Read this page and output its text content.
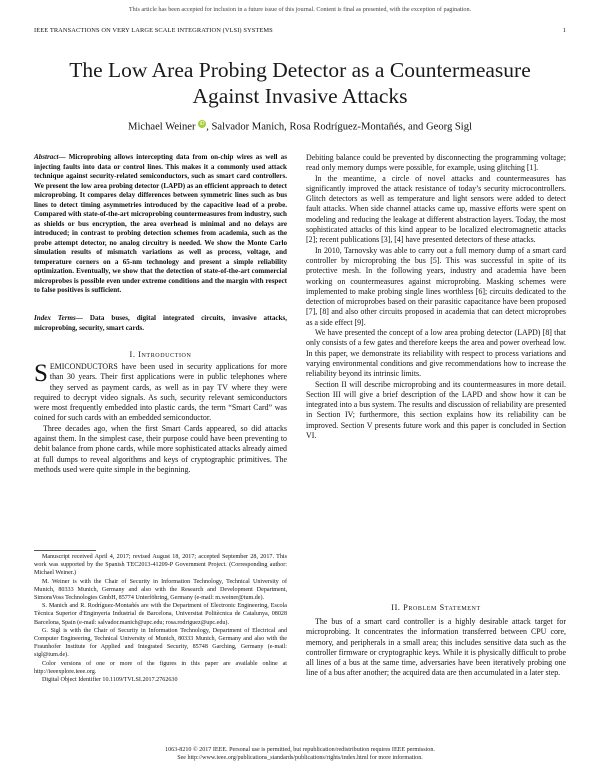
This article has been accepted for inclusion in a future issue of this journal. Content is final as presented, with the exception of pagination.
IEEE TRANSACTIONS ON VERY LARGE SCALE INTEGRATION (VLSI) SYSTEMS	1
The Low Area Probing Detector as a Countermeasure Against Invasive Attacks
Michael Weiner iD , Salvador Manich, Rosa Rodríguez-Montañés, and Georg Sigl
Abstract— Microprobing allows intercepting data from on-chip wires as well as injecting faults into data or control lines. This makes it a commonly used attack technique against security-related semiconductors, such as smart card controllers. We present the low area probing detector (LAPD) as an efficient approach to detect microprobing. It compares delay differences between symmetric lines such as bus lines to detect timing asymmetries introduced by the capacitive load of a probe. Compared with state-of-the-art microprobing countermeasures from industry, such as shields or bus encryption, the area overhead is minimal and no delays are introduced; in contrast to probing detection schemes from academia, such as the probe attempt detector, no analog circuitry is needed. We show the Monte Carlo simulation results of mismatch variations as well as process, voltage, and temperature corners on a 65-nm technology and present a simple reliability optimization. Eventually, we show that the detection of state-of-the-art commercial microprobes is possible even under extreme conditions and the margin with respect to false positives is sufficient.
Index Terms— Data buses, digital integrated circuits, invasive attacks, microprobing, security, smart cards.
I. Introduction

SEMICONDUCTORS have been used in security applications for more than 30 years. Their first applications were in public telephones where they served as payment cards, as well as in pay TV where they were required to decrypt video signals. As such, security relevant semiconductors were most frequently embedded into plastic cards, the term “Smart Card” was coined for such cards with an embedded semiconductor.

Three decades ago, when the first Smart Cards appeared, so did attacks against them. In the simplest case, their purpose could have been preventing to debit balance from phone cards, while more sophisticated attacks already aimed at full dumps to reveal algorithms and keys of cryptographic primitives. The methods used were quite simple in the beginning.

Manuscript received April 4, 2017; revised August 18, 2017; accepted September 28, 2017. This work was supported by the Spanish TEC2013-41209-P Government Project. (Corresponding author: Michael Weiner.)

M. Weiner is with the Chair of Security in Information Technology, Technical University of Munich, 80333 Munich, Germany and also with the Research and Development Department, SimonsVoss Technologies GmbH, 85774 Unterföhring, Germany (e-mail: m.weiner@tum.de).

S. Manich and R. Rodríguez-Montañés are with the Department of Electronic Engineering, Escola Tècnica Superior d'Enginyeria Industrial de Barcelona, Universitat Politècnica de Catalunya, 08028 Barcelona, Spain (e-mail: salvador.manich@upc.edu; rosa.rodriguez@upc.edu).

G. Sigl is with the Chair of Security in Information Technology, Department of Electrical and Computer Engineering, Technical University of Munich, 80333 Munich, Germany and also with the Fraunhofer Institute for Applied and Integrated Security, 85748 Garching, Germany (e-mail: sigl@tum.de).

Color versions of one or more of the figures in this paper are available online at http://ieeexplore.ieee.org.

Digital Object Identifier 10.1109/TVLSI.2017.2762630

Debiting balance could be prevented by disconnecting the programming voltage; read only memory dumps were possible, for example, using glitching [1].

In the meantime, a circle of novel attacks and countermeasures has significantly improved the attack resistance of today’s security microcontrollers. Glitch detectors as well as temperature and light sensors were added to detect fault attacks. When side channel attacks came up, massive efforts were spent on modeling and reducing the leakage at different abstraction layers. Today, the most sophisticated attacks of this kind appear to be localized electromagnetic attacks [2]; recent publications [3], [4] have presented detectors of these attacks.

In 2010, Tarnovsky was able to carry out a full memory dump of a smart card controller by microprobing the bus [5]. This was successful in spite of its protective mesh. In the following years, industry and academia have been working on countermeasures against microprobing. Masking schemes were implemented to make probing single lines worthless [6]; circuits dedicated to the detection of microprobes based on their parasitic capacitance have been proposed [7], [8] and also other circuits proposed in academia that can detect microprobes as a side effect [9].

We have presented the concept of a low area probing detector (LAPD) [8] that only consists of a few gates and therefore keeps the area and power overhead low. In this paper, we demonstrate its reliability with respect to process variations and varying environmental conditions and give recommendations how to increase the reliability beyond its intrinsic limits.

Section II will describe microprobing and its countermeasures in more detail. Section III will give a brief description of the LAPD and show how it can be integrated into a bus system. The results and discussion of reliability are presented in Section IV; furthermore, this section explains how its reliability can be improved. Section V presents future work and this paper is concluded in Section VI.

II. Problem Statement

The bus of a smart card controller is a highly desirable attack target for microprobing. It concentrates the information transferred between CPU core, memory, and peripherals in a small area; this includes sensitive data such as the controller firmware or cryptographic keys. While it is physically difficult to probe all lines of a bus at the same time, adversaries have been iteratively probing one line of a bus after another; the acquired data are then accumulated in a later step.

1063-8210 © 2017 IEEE. Personal use is permitted, but republication/redistribution requires IEEE permission.
See http://www.ieee.org/publications_standards/publications/rights/index.html for more information.
